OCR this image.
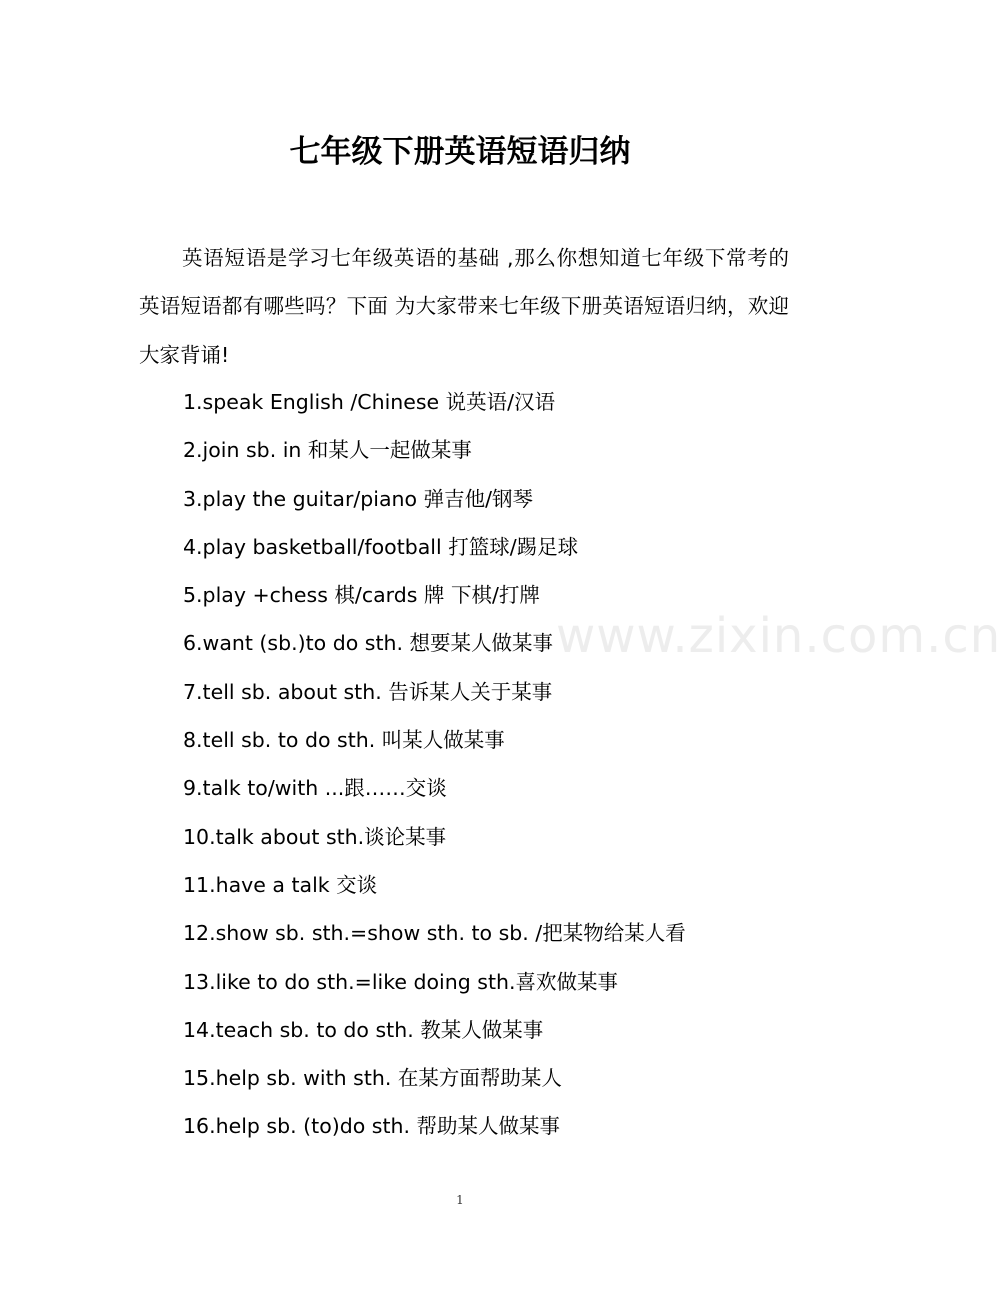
www.zixin.com.cn
七年级下册英语短语归纳

英语短语是学习七年级英语的基础 ,那么你想知道七年级下常考的英语短语都有哪些吗？下面 为大家带来七年级下册英语短语归纳，欢迎大家背诵!

1.speak English /Chinese 说英语/汉语
2.join sb. in 和某人一起做某事
3.play the guitar/piano 弹吉他/钢琴
4.play basketball/football 打篮球/踢足球
5.play +chess 棋/cards 牌 下棋/打牌
6.want (sb.)to do sth. 想要某人做某事
7.tell sb. about sth. 告诉某人关于某事
8.tell sb. to do sth. 叫某人做某事
9.talk to/with ...跟……交谈
10.talk about sth.谈论某事
11.have a talk 交谈
12.show sb. sth.=show sth. to sb. /把某物给某人看
13.like to do sth.=like doing sth.喜欢做某事
14.teach sb. to do sth. 教某人做某事
15.help sb. with sth. 在某方面帮助某人
16.help sb. (to)do sth. 帮助某人做某事
1
